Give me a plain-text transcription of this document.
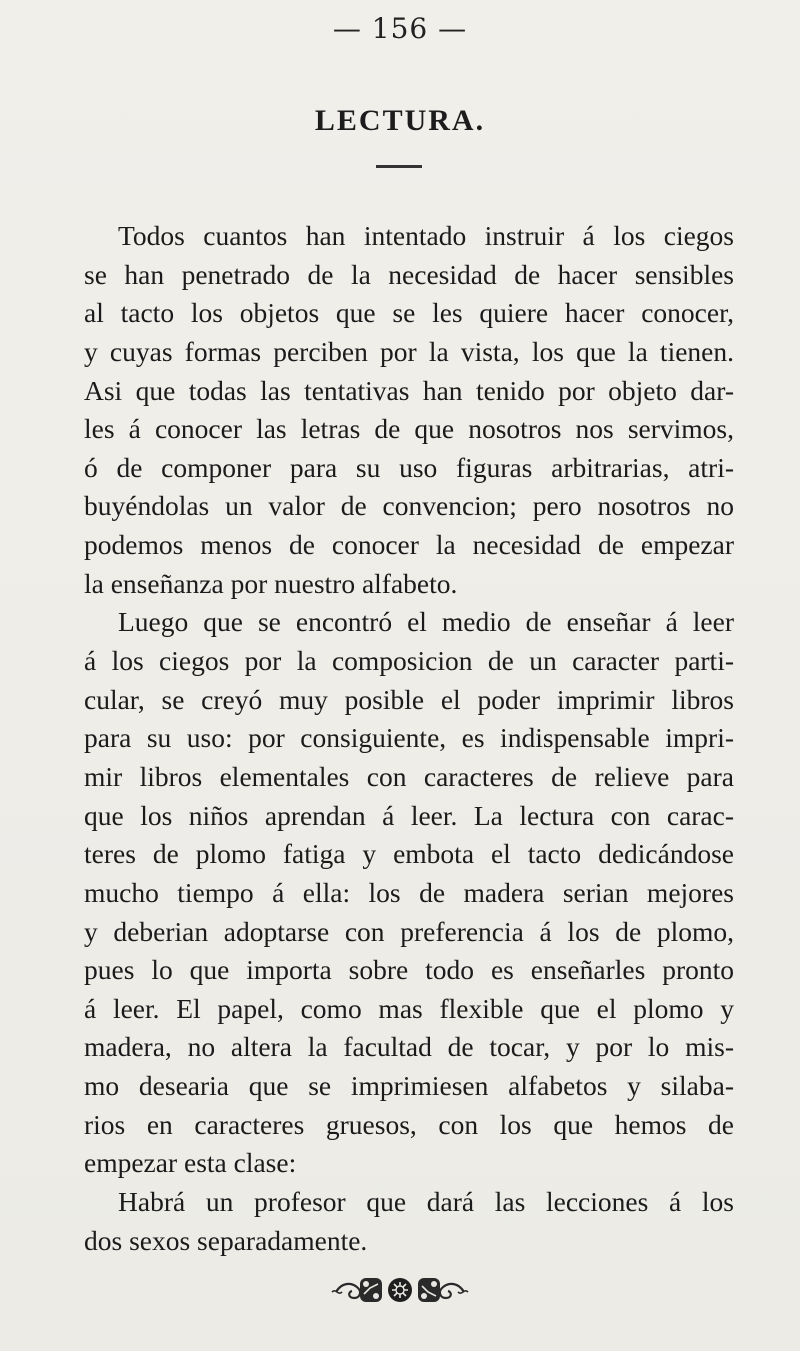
— 156 —
LECTURA.
Todos cuantos han intentado instruir á los ciegos
se han penetrado de la necesidad de hacer sensibles
al tacto los objetos que se les quiere hacer conocer,
y cuyas formas perciben por la vista, los que la tienen.
Asi que todas las tentativas han tenido por objeto dar-
les á conocer las letras de que nosotros nos servimos,
ó de componer para su uso figuras arbitrarias, atri-
buyéndolas un valor de convencion; pero nosotros no
podemos menos de conocer la necesidad de empezar
la enseñanza por nuestro alfabeto.
Luego que se encontró el medio de enseñar á leer
á los ciegos por la composicion de un caracter parti-
cular, se creyó muy posible el poder imprimir libros
para su uso: por consiguiente, es indispensable impri-
mir libros elementales con caracteres de relieve para
que los niños aprendan á leer. La lectura con carac-
teres de plomo fatiga y embota el tacto dedicándose
mucho tiempo á ella: los de madera serian mejores
y deberian adoptarse con preferencia á los de plomo,
pues lo que importa sobre todo es enseñarles pronto
á leer. El papel, como mas flexible que el plomo y
madera, no altera la facultad de tocar, y por lo mis-
mo desearia que se imprimiesen alfabetos y silaba-
rios en caracteres gruesos, con los que hemos de
empezar esta clase:
Habrá un profesor que dará las lecciones á los
dos sexos separadamente.
